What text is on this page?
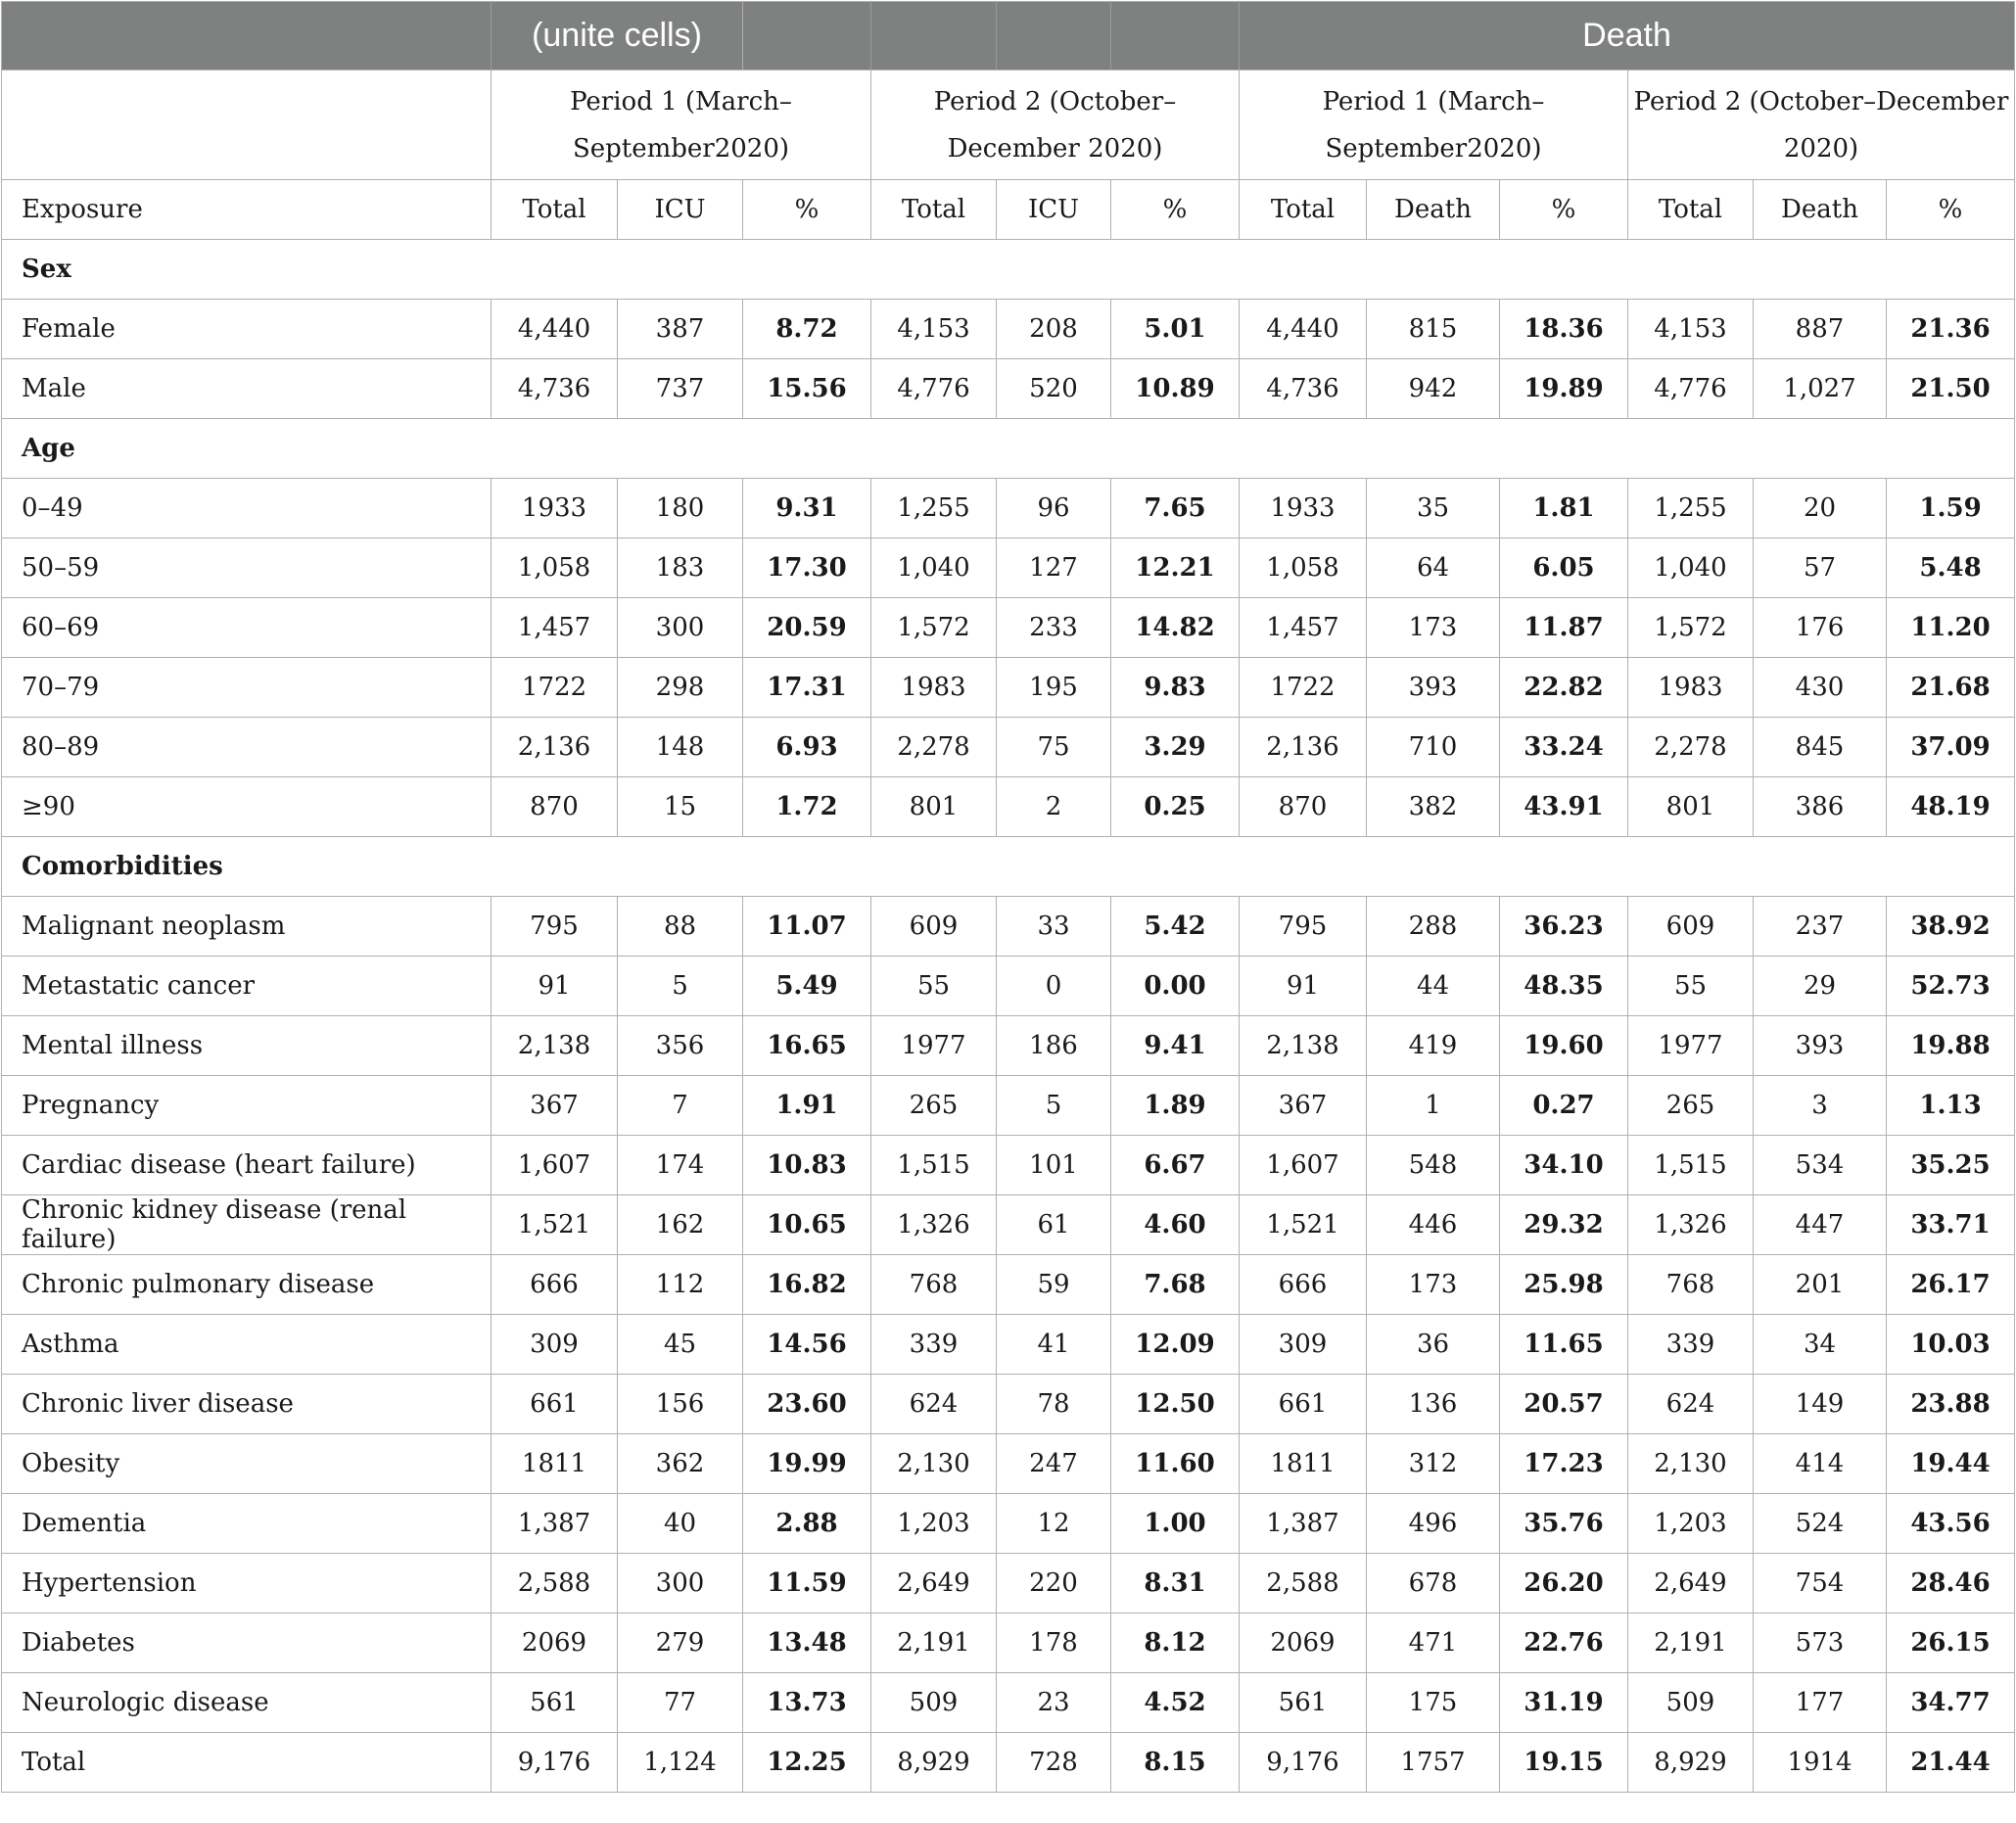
	(unite cells)						Death					
	Period 1 (March–September2020)			Period 2 (October–December 2020)			Period 1 (March–September2020)			Period 2 (October–December 2020)		
Exposure	Total	ICU	%	Total	ICU	%	Total	Death	%	Total	Death	%
Sex												
Female	4,440	387	8.72	4,153	208	5.01	4,440	815	18.36	4,153	887	21.36
Male	4,736	737	15.56	4,776	520	10.89	4,736	942	19.89	4,776	1,027	21.50
Age												
0–49	1933	180	9.31	1,255	96	7.65	1933	35	1.81	1,255	20	1.59
50–59	1,058	183	17.30	1,040	127	12.21	1,058	64	6.05	1,040	57	5.48
60–69	1,457	300	20.59	1,572	233	14.82	1,457	173	11.87	1,572	176	11.20
70–79	1722	298	17.31	1983	195	9.83	1722	393	22.82	1983	430	21.68
80–89	2,136	148	6.93	2,278	75	3.29	2,136	710	33.24	2,278	845	37.09
≥90	870	15	1.72	801	2	0.25	870	382	43.91	801	386	48.19
Comorbidities												
Malignant neoplasm	795	88	11.07	609	33	5.42	795	288	36.23	609	237	38.92
Metastatic cancer	91	5	5.49	55	0	0.00	91	44	48.35	55	29	52.73
Mental illness	2,138	356	16.65	1977	186	9.41	2,138	419	19.60	1977	393	19.88
Pregnancy	367	7	1.91	265	5	1.89	367	1	0.27	265	3	1.13
Cardiac disease (heart failure)	1,607	174	10.83	1,515	101	6.67	1,607	548	34.10	1,515	534	35.25
Chronic kidney disease (renal failure)	1,521	162	10.65	1,326	61	4.60	1,521	446	29.32	1,326	447	33.71
Chronic pulmonary disease	666	112	16.82	768	59	7.68	666	173	25.98	768	201	26.17
Asthma	309	45	14.56	339	41	12.09	309	36	11.65	339	34	10.03
Chronic liver disease	661	156	23.60	624	78	12.50	661	136	20.57	624	149	23.88
Obesity	1811	362	19.99	2,130	247	11.60	1811	312	17.23	2,130	414	19.44
Dementia	1,387	40	2.88	1,203	12	1.00	1,387	496	35.76	1,203	524	43.56
Hypertension	2,588	300	11.59	2,649	220	8.31	2,588	678	26.20	2,649	754	28.46
Diabetes	2069	279	13.48	2,191	178	8.12	2069	471	22.76	2,191	573	26.15
Neurologic disease	561	77	13.73	509	23	4.52	561	175	31.19	509	177	34.77
Total	9,176	1,124	12.25	8,929	728	8.15	9,176	1757	19.15	8,929	1914	21.44
